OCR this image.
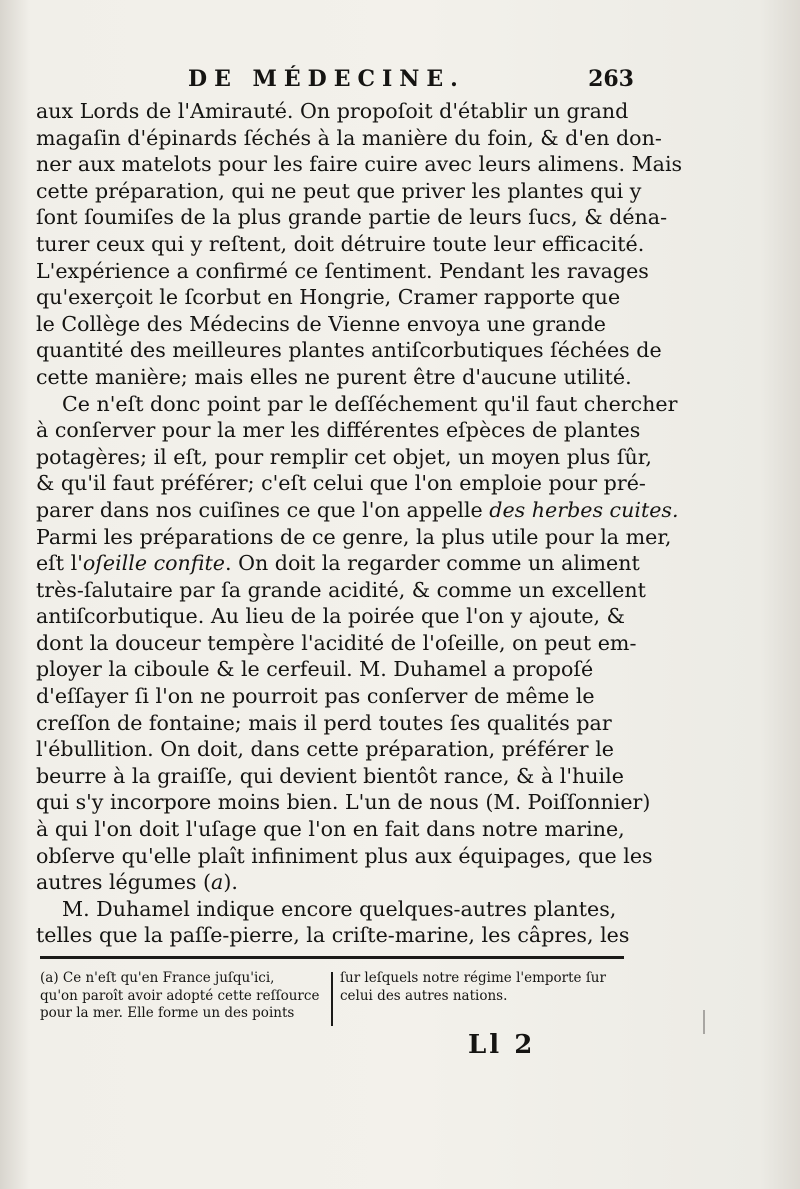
DE MÉDECINE.	263
aux Lords de l'Amirauté. On propoſoit d'établir un grand
magaſin d'épinards ſéchés à la manière du foin, & d'en don-
ner aux matelots pour les faire cuire avec leurs alimens. Mais
cette préparation, qui ne peut que priver les plantes qui y
ſont ſoumiſes de la plus grande partie de leurs ſucs, & déna-
turer ceux qui y reſtent, doit détruire toute leur efficacité.
L'expérience a confirmé ce ſentiment. Pendant les ravages
qu'exerçoit le ſcorbut en Hongrie, Cramer rapporte que
le Collège des Médecins de Vienne envoya une grande
quantité des meilleures plantes antiſcorbutiques ſéchées de
cette manière; mais elles ne purent être d'aucune utilité.
Ce n'eſt donc point par le deſſéchement qu'il faut chercher
à conſerver pour la mer les différentes eſpèces de plantes
potagères; il eſt, pour remplir cet objet, un moyen plus ſûr,
& qu'il faut préférer; c'eſt celui que l'on emploie pour pré-
parer dans nos cuiſines ce que l'on appelle des herbes cuites.
Parmi les préparations de ce genre, la plus utile pour la mer,
eſt l'oſeille confite. On doit la regarder comme un aliment
très-ſalutaire par ſa grande acidité, & comme un excellent
antiſcorbutique. Au lieu de la poirée que l'on y ajoute, &
dont la douceur tempère l'acidité de l'oſeille, on peut em-
ployer la ciboule & le cerfeuil. M. Duhamel a propoſé
d'eſſayer ſi l'on ne pourroit pas conſerver de même le
creſſon de fontaine; mais il perd toutes ſes qualités par
l'ébullition. On doit, dans cette préparation, préférer le
beurre à la graiſſe, qui devient bientôt rance, & à l'huile
qui s'y incorpore moins bien. L'un de nous (M. Poiſſonnier)
à qui l'on doit l'uſage que l'on en fait dans notre marine,
obſerve qu'elle plaît infiniment plus aux équipages, que les
autres légumes (a).
M. Duhamel indique encore quelques-autres plantes,
telles que la paſſe-pierre, la criſte-marine, les câpres, les
(a) Ce n'eſt qu'en France juſqu'ici,
qu'on paroît avoir adopté cette reſſource
pour la mer. Elle forme un des points
ſur leſquels notre régime l'emporte ſur
celui des autres nations.
Ll 2
